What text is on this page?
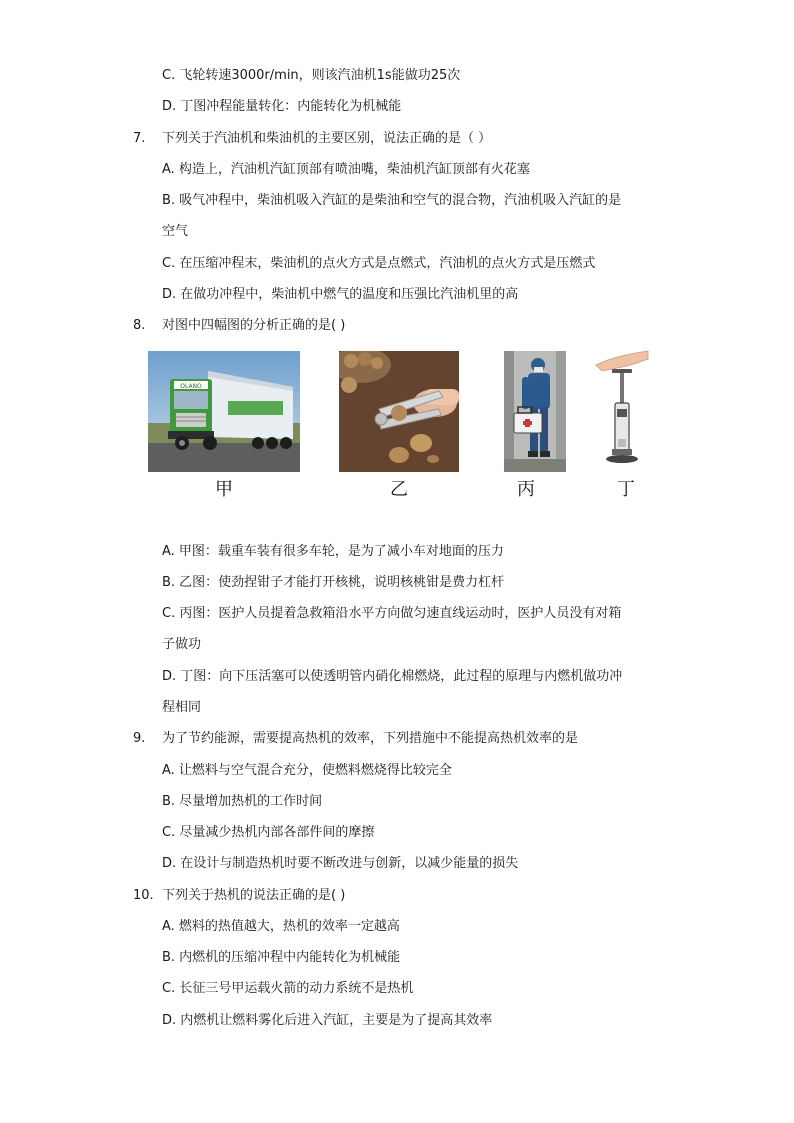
C. 飞轮转速3000r/min，则该汽油机1s能做功25次
D. 丁图冲程能量转化：内能转化为机械能
7. 下列关于汽油机和柴油机的主要区别，说法正确的是（ ）
A. 构造上，汽油机汽缸顶部有喷油嘴，柴油机汽缸顶部有火花塞
B. 吸气冲程中，柴油机吸入汽缸的是柴油和空气的混合物，汽油机吸入汽缸的是
空气
C. 在压缩冲程末，柴油机的点火方式是点燃式，汽油机的点火方式是压燃式
D. 在做功冲程中，柴油机中燃气的温度和压强比汽油机里的高
8. 对图中四幅图的分析正确的是( )
OLANO
甲	乙	丙	丁
A. 甲图：载重车装有很多车轮，是为了减小车对地面的压力
B. 乙图：使劲捏钳子才能打开核桃，说明核桃钳是费力杠杆
C. 丙图：医护人员提着急救箱沿水平方向做匀速直线运动时，医护人员没有对箱
子做功
D. 丁图：向下压活塞可以使透明管内硝化棉燃烧，此过程的原理与内燃机做功冲
程相同
9. 为了节约能源，需要提高热机的效率，下列措施中不能提高热机效率的是
A. 让燃料与空气混合充分，使燃料燃烧得比较完全
B. 尽量增加热机的工作时间
C. 尽量减少热机内部各部件间的摩擦
D. 在设计与制造热机时要不断改进与创新，以减少能量的损失
10. 下列关于热机的说法正确的是( )
A. 燃料的热值越大，热机的效率一定越高
B. 内燃机的压缩冲程中内能转化为机械能
C. 长征三号甲运载火箭的动力系统不是热机
D. 内燃机让燃料雾化后进入汽缸，主要是为了提高其效率
